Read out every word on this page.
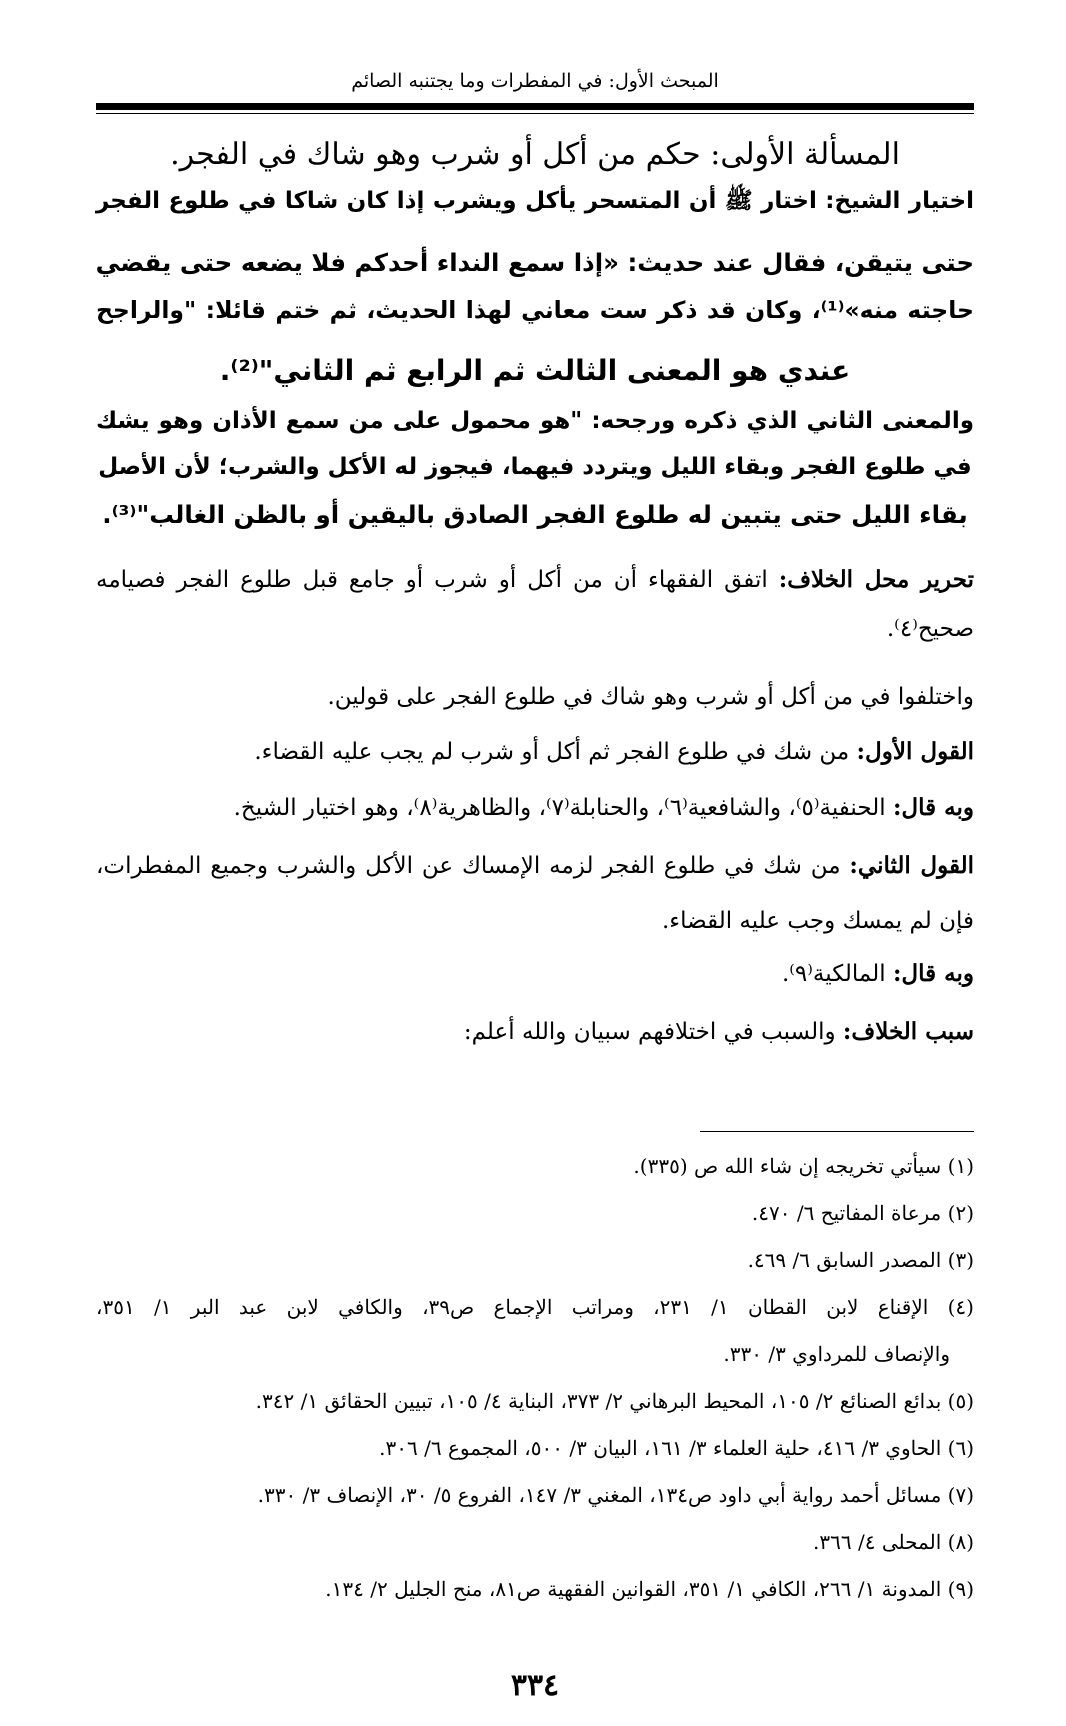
المبحث الأول: في المفطرات وما يجتنبه الصائم
المسألة الأولى: حكم من أكل أو شرب وهو شاك في الفجر.
اختيار الشيخ: اختار ﷺ أن المتسحر يأكل ويشرب إذا كان شاكا في طلوع الفجر
حتى يتيقن، فقال عند حديث: «إذا سمع النداء أحدكم فلا يضعه حتى يقضي
حاجته منه»⁽¹⁾، وكان قد ذكر ست معاني لهذا الحديث، ثم ختم قائلا: "والراجح
عندي هو المعنى الثالث ثم الرابع ثم الثاني"⁽²⁾.
والمعنى الثاني الذي ذكره ورجحه: "هو محمول على من سمع الأذان وهو يشك
في طلوع الفجر وبقاء الليل ويتردد فيهما، فيجوز له الأكل والشرب؛ لأن الأصل
بقاء الليل حتى يتبين له طلوع الفجر الصادق باليقين أو بالظن الغالب"⁽³⁾.
تحرير محل الخلاف: اتفق الفقهاء أن من أكل أو شرب أو جامع قبل طلوع الفجر فصيامه
صحيح⁽٤⁾.
واختلفوا في من أكل أو شرب وهو شاك في طلوع الفجر على قولين.
القول الأول: من شك في طلوع الفجر ثم أكل أو شرب لم يجب عليه القضاء.
وبه قال: الحنفية⁽٥⁾، والشافعية⁽٦⁾، والحنابلة⁽٧⁾، والظاهرية⁽٨⁾، وهو اختيار الشيخ.
القول الثاني: من شك في طلوع الفجر لزمه الإمساك عن الأكل والشرب وجميع المفطرات،
فإن لم يمسك وجب عليه القضاء.
وبه قال: المالكية⁽٩⁾.
سبب الخلاف: والسبب في اختلافهم سبيان والله أعلم:
(١) سيأتي تخريجه إن شاء الله ص (٣٣٥).
(٢) مرعاة المفاتيح ٦/ ٤٧٠.
(٣) المصدر السابق ٦/ ٤٦٩.
(٤) الإقناع لابن القطان ١/ ٢٣١، ومراتب الإجماع ص٣٩، والكافي لابن عبد البر ١/ ٣٥١،
والإنصاف للمرداوي ٣/ ٣٣٠.
(٥) بدائع الصنائع ٢/ ١٠٥، المحيط البرهاني ٢/ ٣٧٣، البناية ٤/ ١٠٥، تبيين الحقائق ١/ ٣٤٢.
(٦) الحاوي ٣/ ٤١٦، حلية العلماء ٣/ ١٦١، البيان ٣/ ٥٠٠، المجموع ٦/ ٣٠٦.
(٧) مسائل أحمد رواية أبي داود ص١٣٤، المغني ٣/ ١٤٧، الفروع ٥/ ٣٠، الإنصاف ٣/ ٣٣٠.
(٨) المحلى ٤/ ٣٦٦.
(٩) المدونة ١/ ٢٦٦، الكافي ١/ ٣٥١، القوانين الفقهية ص٨١، منح الجليل ٢/ ١٣٤.
٣٣٤
